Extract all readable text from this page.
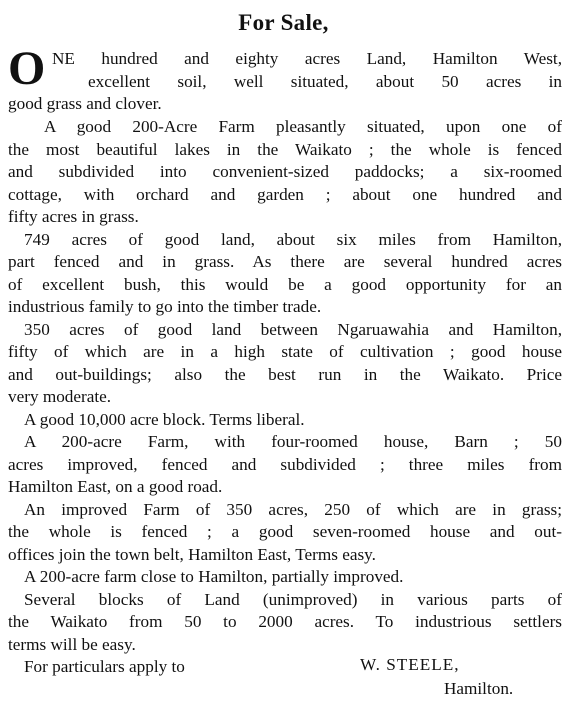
For Sale,
O NE hundred and eighty acres Land, Hamilton West,
excellent soil, well situated, about 50 acres in
good grass and clover.
A good 200-Acre Farm pleasantly situated, upon one of
the most beautiful lakes in the Waikato ; the whole is fenced
and subdivided into convenient-sized paddocks; a six-roomed
cottage, with orchard and garden ; about one hundred and
fifty acres in grass.
749 acres of good land, about six miles from Hamilton,
part fenced and in grass. As there are several hundred acres
of excellent bush, this would be a good opportunity for an
industrious family to go into the timber trade.
350 acres of good land between Ngaruawahia and Hamilton,
fifty of which are in a high state of cultivation ; good house
and out-buildings; also the best run in the Waikato. Price
very moderate.
A good 10,000 acre block. Terms liberal.
A 200-acre Farm, with four-roomed house, Barn ; 50
acres improved, fenced and subdivided ; three miles from
Hamilton East, on a good road.
An improved Farm of 350 acres, 250 of which are in grass;
the whole is fenced ; a good seven-roomed house and out-
offices join the town belt, Hamilton East, Terms easy.
A 200-acre farm close to Hamilton, partially improved.
Several blocks of Land (unimproved) in various parts of
the Waikato from 50 to 2000 acres. To industrious settlers
terms will be easy.
For particulars apply to	W. STEELE,
Hamilton.
